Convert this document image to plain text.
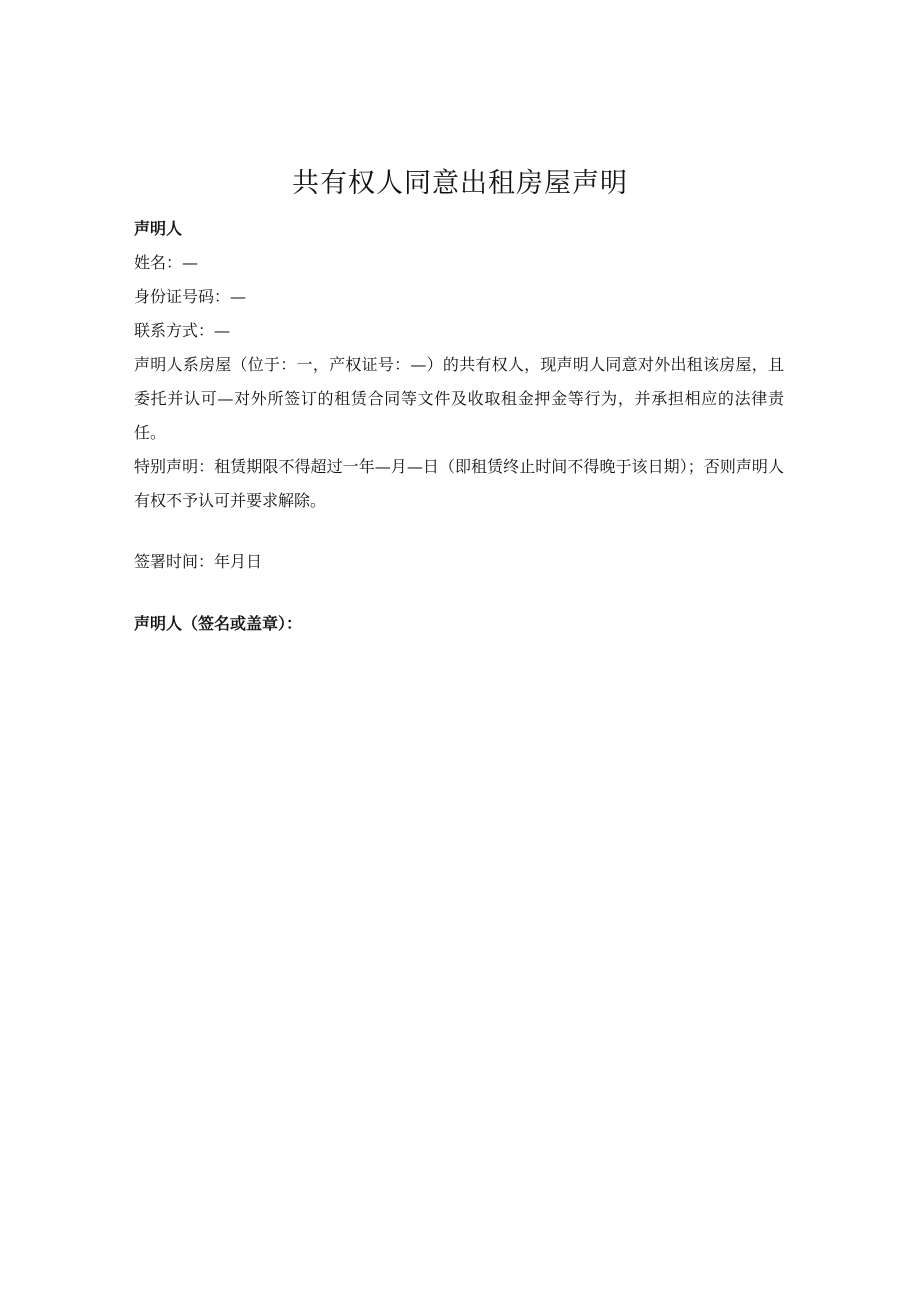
共有权人同意出租房屋声明

声明人

姓名：—

身份证号码：—

联系方式：—

声明人系房屋（位于：一，产权证号：—）的共有权人，现声明人同意对外出租该房屋，且委托并认可—对外所签订的租赁合同等文件及收取租金押金等行为，并承担相应的法律责任。

特别声明：租赁期限不得超过一年—月—日（即租赁终止时间不得晚于该日期）；否则声明人有权不予认可并要求解除。

签署时间：年月日

声明人（签名或盖章）：
